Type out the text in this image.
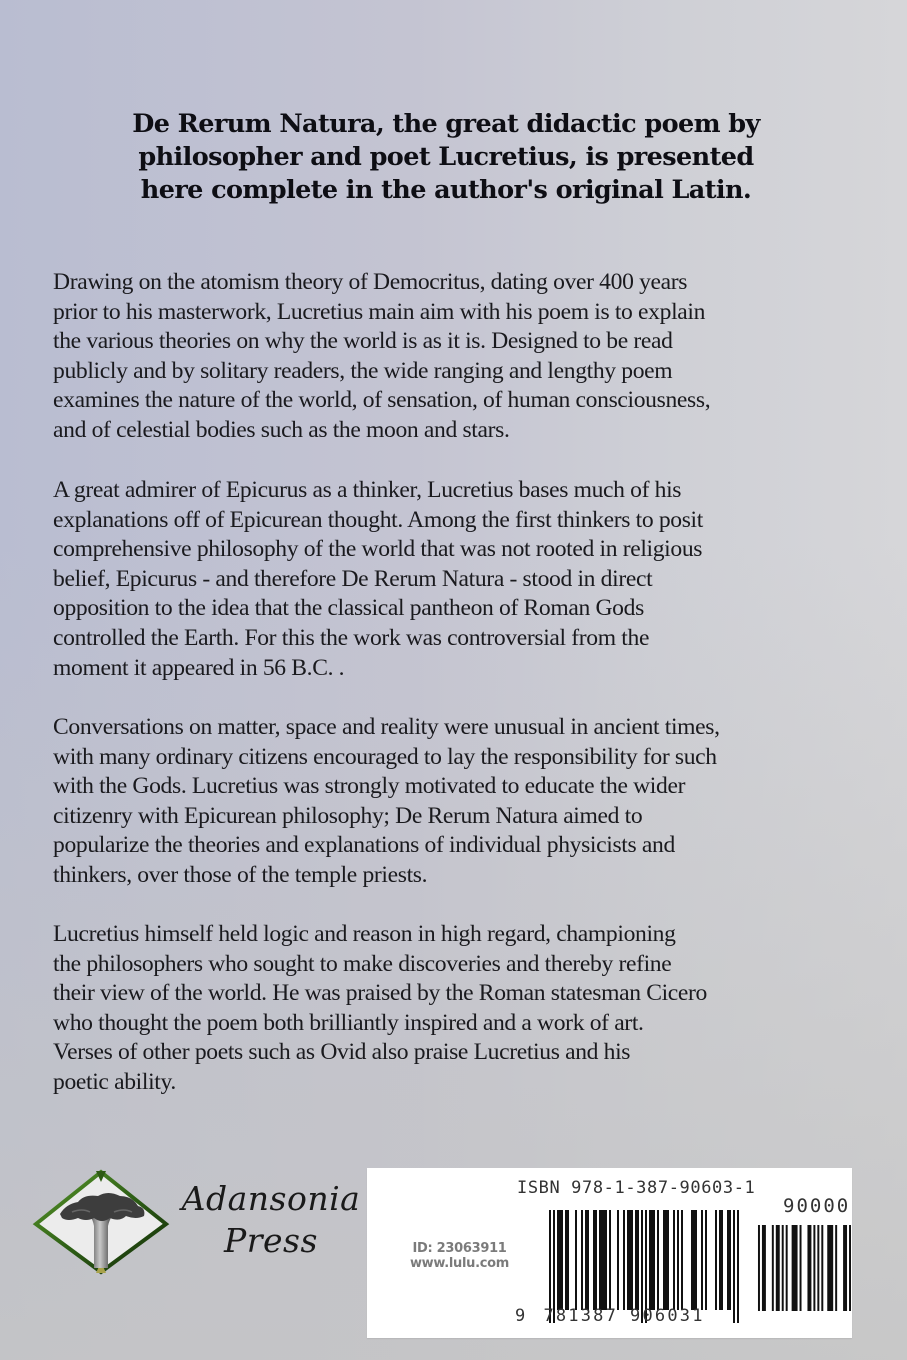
De Rerum Natura, the great didactic poem by
philosopher and poet Lucretius, is presented
here complete in the author's original Latin.
Drawing on the atomism theory of Democritus, dating over 400 years
prior to his masterwork, Lucretius main aim with his poem is to explain
the various theories on why the world is as it is. Designed to be read
publicly and by solitary readers, the wide ranging and lengthy poem
examines the nature of the world, of sensation, of human consciousness,
and of celestial bodies such as the moon and stars.
A great admirer of Epicurus as a thinker, Lucretius bases much of his
explanations off of Epicurean thought. Among the first thinkers to posit
comprehensive philosophy of the world that was not rooted in religious
belief, Epicurus - and therefore De Rerum Natura - stood in direct
opposition to the idea that the classical pantheon of Roman Gods
controlled the Earth. For this the work was controversial from the
moment it appeared in 56 B.C. .
Conversations on matter, space and reality were unusual in ancient times,
with many ordinary citizens encouraged to lay the responsibility for such
with the Gods. Lucretius was strongly motivated to educate the wider
citizenry with Epicurean philosophy; De Rerum Natura aimed to
popularize the theories and explanations of individual physicists and
thinkers, over those of the temple priests.
Lucretius himself held logic and reason in high regard, championing
the philosophers who sought to make discoveries and thereby refine
their view of the world. He was praised by the Roman statesman Cicero
who thought the poem both brilliantly inspired and a work of art.
Verses of other poets such as Ovid also praise Lucretius and his
poetic ability.
Adansonia
Press	ID: 23063911
www.lulu.com
ISBN 978-1-387-90603-1
90000
9 781387 906031
